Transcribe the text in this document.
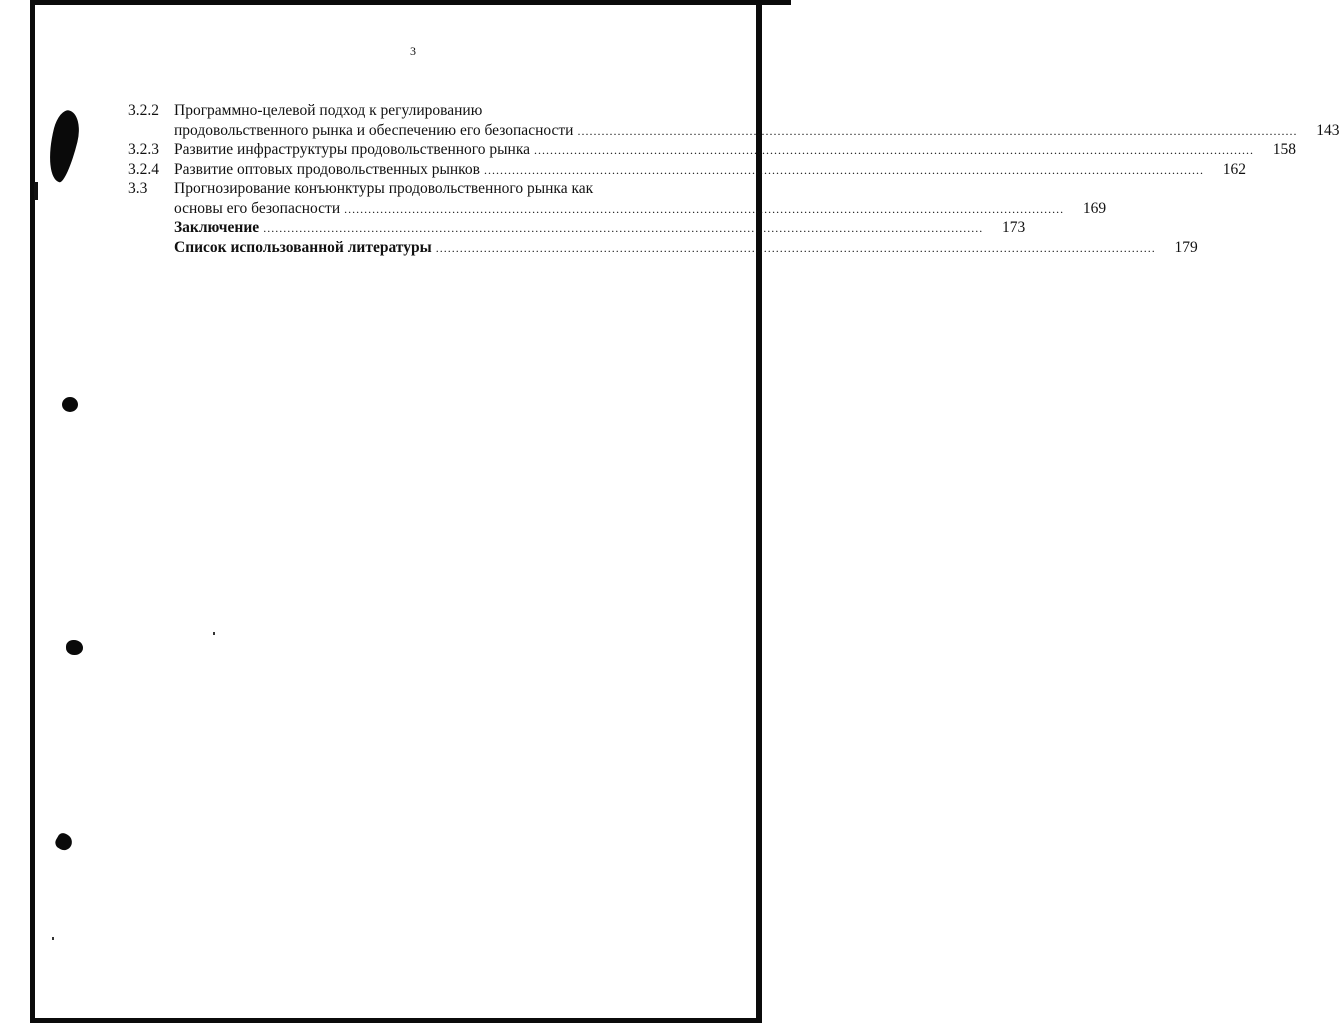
3
3.2.2 Программно-целевой подход к регулированию
продовольственного рынка и обеспечению его безопасности .....	143
3.2.3 Развитие инфраструктуры продовольственного рынка .....	158
3.2.4 Развитие оптовых продовольственных рынков .....	162
3.3	Прогнозирование конъюнктуры продовольственного рынка как
основы его безопасности .....	169
Заключение .....	173
Список использованной литературы .....	179
